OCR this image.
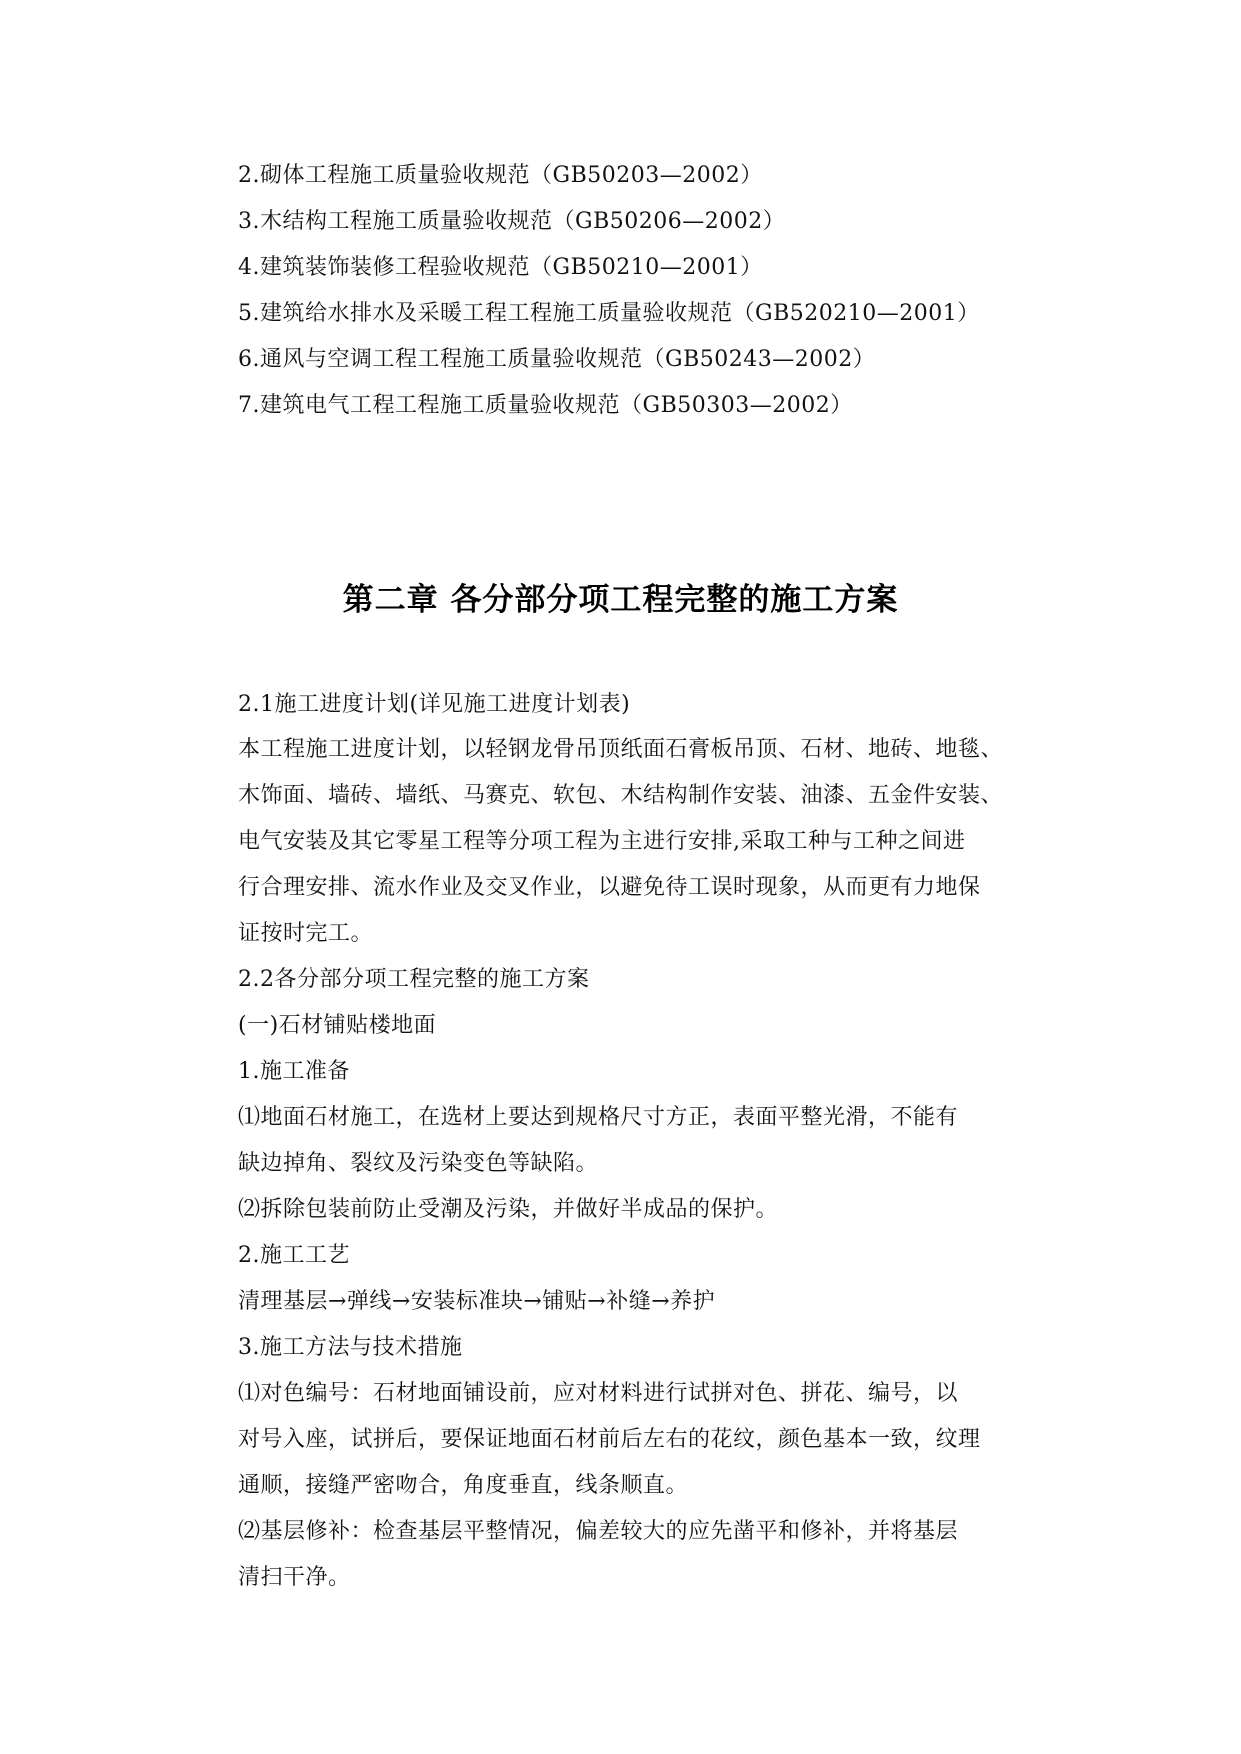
2.砌体工程施工质量验收规范（GB50203—2002）
3.木结构工程施工质量验收规范（GB50206—2002）
4.建筑装饰装修工程验收规范（GB50210—2001）
5.建筑给水排水及采暖工程工程施工质量验收规范（GB520210—2001）
6.通风与空调工程工程施工质量验收规范（GB50243—2002）
7.建筑电气工程工程施工质量验收规范（GB50303—2002）
第二章 各分部分项工程完整的施工方案
2.1施工进度计划(详见施工进度计划表)
本工程施工进度计划，以轻钢龙骨吊顶纸面石膏板吊顶、石材、地砖、地毯、
木饰面、墙砖、墙纸、马赛克、软包、木结构制作安装、油漆、五金件安装、
电气安装及其它零星工程等分项工程为主进行安排,采取工种与工种之间进
行合理安排、流水作业及交叉作业，以避免待工误时现象，从而更有力地保
证按时完工。
2.2各分部分项工程完整的施工方案
(一)石材铺贴楼地面
1.施工准备
⑴地面石材施工，在选材上要达到规格尺寸方正，表面平整光滑，不能有
缺边掉角、裂纹及污染变色等缺陷。
⑵拆除包装前防止受潮及污染，并做好半成品的保护。
2.施工工艺
清理基层→弹线→安装标准块→铺贴→补缝→养护
3.施工方法与技术措施
⑴对色编号：石材地面铺设前，应对材料进行试拼对色、拼花、编号，以
对号入座，试拼后，要保证地面石材前后左右的花纹，颜色基本一致，纹理
通顺，接缝严密吻合，角度垂直，线条顺直。
⑵基层修补：检查基层平整情况，偏差较大的应先凿平和修补，并将基层
清扫干净。
